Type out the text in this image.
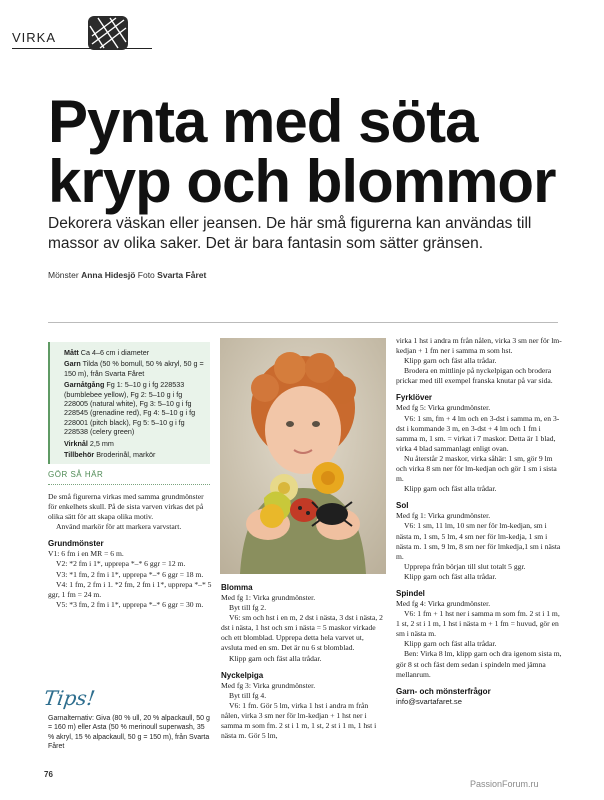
VIRKA
Pynta med söta
kryp och blommor
Dekorera väskan eller jeansen. De här små figurerna kan användas till massor av olika saker. Det är bara fantasin som sätter gränsen.
Mönster Anna Hidesjö Foto Svarta Fåret
Mått Ca 4–6 cm i diameter
Garn Tilda (50 % bomull, 50 % akryl, 50 g = 150 m), från Svarta Fåret
Garnåtgång Fg 1: 5–10 g i fg 228533 (bumblebee yellow), Fg 2: 5–10 g i fg 228005 (natural white), Fg 3: 5–10 g i fg 228545 (grenadine red), Fg 4: 5–10 g i fg 228001 (pitch black), Fg 5: 5–10 g i fg 228538 (celery green)
Virknål 2,5 mm
Tillbehör Broderinål, markör
GÖR SÅ HÄR

De små figurerna virkas med samma grundmönster för enkelhets skull. På de sista varven virkas det på olika sätt för att skapa olika motiv.

Använd markör för att markera varvstart.

Grundmönster

V1: 6 fm i en MR = 6 m.

V2: *2 fm i 1*, upprepa *–* 6 ggr = 12 m.

V3: *1 fm, 2 fm i 1*, upprepa *–* 6 ggr = 18 m.

V4: 1 fm, 2 fm i 1. *2 fm, 2 fm i 1*, upprepa *–* 5 ggr, 1 fm = 24 m.

V5: *3 fm, 2 fm i 1*, upprepa *–* 6 ggr = 30 m.

Tips!
Garnalternativ: Giva (80 % ull, 20 % alpackaull, 50 g = 160 m) eller Asta (50 % merinoull superwash, 35 % akryl, 15 % alpackaull, 50 g = 150 m), från Svarta Fåret
76
Blomma

Med fg 1: Virka grundmönster.

Byt till fg 2.

V6: sm och hst i en m, 2 dst i nästa, 3 dst i nästa, 2 dst i nästa, 1 hst och sm i nästa = 5 maskor virkade och ett blomblad. Upprepa detta hela varvet ut, avsluta med en sm. Det är nu 6 st blomblad.

Klipp garn och fäst alla trådar.

Nyckelpiga

Med fg 3: Virka grundmönster.

Byt till fg 4.

V6: 1 fm. Gör 5 lm, virka 1 hst i andra m från nålen, virka 3 sm ner för lm-kedjan + 1 hst ner i samma m som fm. 2 st i 1 m, 1 st, 2 st i 1 m, 1 hst i nästa m. Gör 5 lm,

virka 1 hst i andra m från nålen, virka 3 sm ner för lm-kedjan + 1 fm ner i samma m som hst.

Klipp garn och fäst alla trådar.

Brodera en mittlinje på nyckelpigan och brodera prickar med till exempel franska knutar på var sida.

Fyrklöver

Med fg 5: Virka grundmönster.

V6: 1 sm, fm + 4 lm och en 3-dst i samma m, en 3-dst i kommande 3 m, en 3-dst + 4 lm och 1 fm i samma m, 1 sm. = virkat i 7 maskor. Detta är 1 blad, virka 4 blad sammanlagt enligt ovan.

Nu återstår 2 maskor, virka såhär: 1 sm, gör 9 lm och virka 8 sm ner för lm-kedjan och gör 1 sm i sista m.

Klipp garn och fäst alla trådar.

Sol

Med fg 1: Virka grundmönster.

V6: 1 sm, 11 lm, 10 sm ner för lm-kedjan, sm i nästa m, 1 sm, 5 lm, 4 sm ner för lm-kedja, 1 sm i nästa m. 1 sm, 9 lm, 8 sm ner för lmkedja,1 sm i nästa m.

Upprepa från början till slut totalt 5 ggr.

Klipp garn och fäst alla trådar.

Spindel

Med fg 4: Virka grundmönster.

V6: 1 fm + 1 hst ner i samma m som fm. 2 st i 1 m, 1 st, 2 st i 1 m, 1 hst i nästa m + 1 fm = huvud, gör en sm i nästa m.

Klipp garn och fäst alla trådar.

Ben: Virka 8 lm, klipp garn och dra igenom sista m, gör 8 st och fäst dem sedan i spindeln med jämna mellanrum.

Garn- och mönsterfrågor

info@svartafaret.se

PassionForum.ru
